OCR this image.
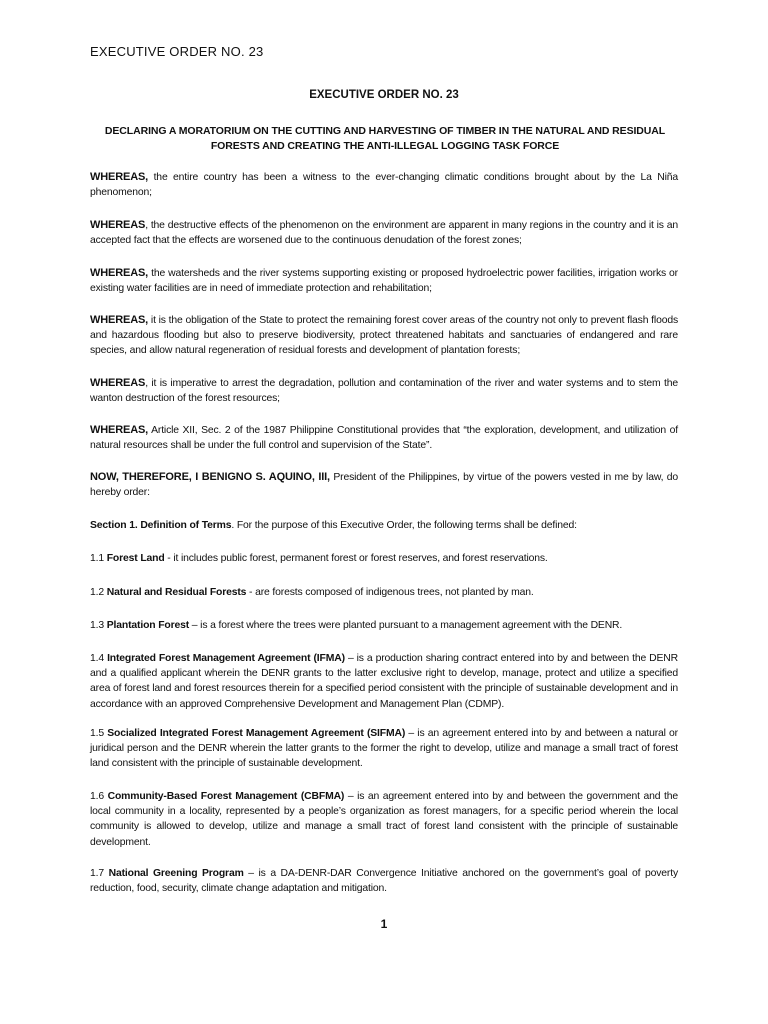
EXECUTIVE ORDER NO. 23
EXECUTIVE ORDER NO. 23
DECLARING A MORATORIUM ON THE CUTTING AND HARVESTING OF TIMBER IN THE NATURAL AND RESIDUAL FORESTS AND CREATING THE ANTI-ILLEGAL LOGGING TASK FORCE
WHEREAS, the entire country has been a witness to the ever-changing climatic conditions brought about by the La Niña phenomenon;
WHEREAS, the destructive effects of the phenomenon on the environment are apparent in many regions in the country and it is an accepted fact that the effects are worsened due to the continuous denudation of the forest zones;
WHEREAS, the watersheds and the river systems supporting existing or proposed hydroelectric power facilities, irrigation works or existing water facilities are in need of immediate protection and rehabilitation;
WHEREAS, it is the obligation of the State to protect the remaining forest cover areas of the country not only to prevent flash floods and hazardous flooding but also to preserve biodiversity, protect threatened habitats and sanctuaries of endangered and rare species, and allow natural regeneration of residual forests and development of plantation forests;
WHEREAS, it is imperative to arrest the degradation, pollution and contamination of the river and water systems and to stem the wanton destruction of the forest resources;
WHEREAS, Article XII, Sec. 2 of the 1987 Philippine Constitutional provides that “the exploration, development, and utilization of natural resources shall be under the full control and supervision of the State”.
NOW, THEREFORE, I BENIGNO S. AQUINO, III, President of the Philippines, by virtue of the powers vested in me by law, do hereby order:
Section 1. Definition of Terms. For the purpose of this Executive Order, the following terms shall be defined:
1.1 Forest Land - it includes public forest, permanent forest or forest reserves, and forest reservations.
1.2 Natural and Residual Forests - are forests composed of indigenous trees, not planted by man.
1.3 Plantation Forest – is a forest where the trees were planted pursuant to a management agreement with the DENR.
1.4 Integrated Forest Management Agreement (IFMA) – is a production sharing contract entered into by and between the DENR and a qualified applicant wherein the DENR grants to the latter exclusive right to develop, manage, protect and utilize a specified area of forest land and forest resources therein for a specified period consistent with the principle of sustainable development and in accordance with an approved Comprehensive Development and Management Plan (CDMP).
1.5 Socialized Integrated Forest Management Agreement (SIFMA) – is an agreement entered into by and between a natural or juridical person and the DENR wherein the latter grants to the former the right to develop, utilize and manage a small tract of forest land consistent with the principle of sustainable development.
1.6 Community-Based Forest Management (CBFMA) – is an agreement entered into by and between the government and the local community in a locality, represented by a people’s organization as forest managers, for a specific period wherein the local community is allowed to develop, utilize and manage a small tract of forest land consistent with the principle of sustainable development.
1.7 National Greening Program – is a DA-DENR-DAR Convergence Initiative anchored on the government’s goal of poverty reduction, food, security, climate change adaptation and mitigation.
1
